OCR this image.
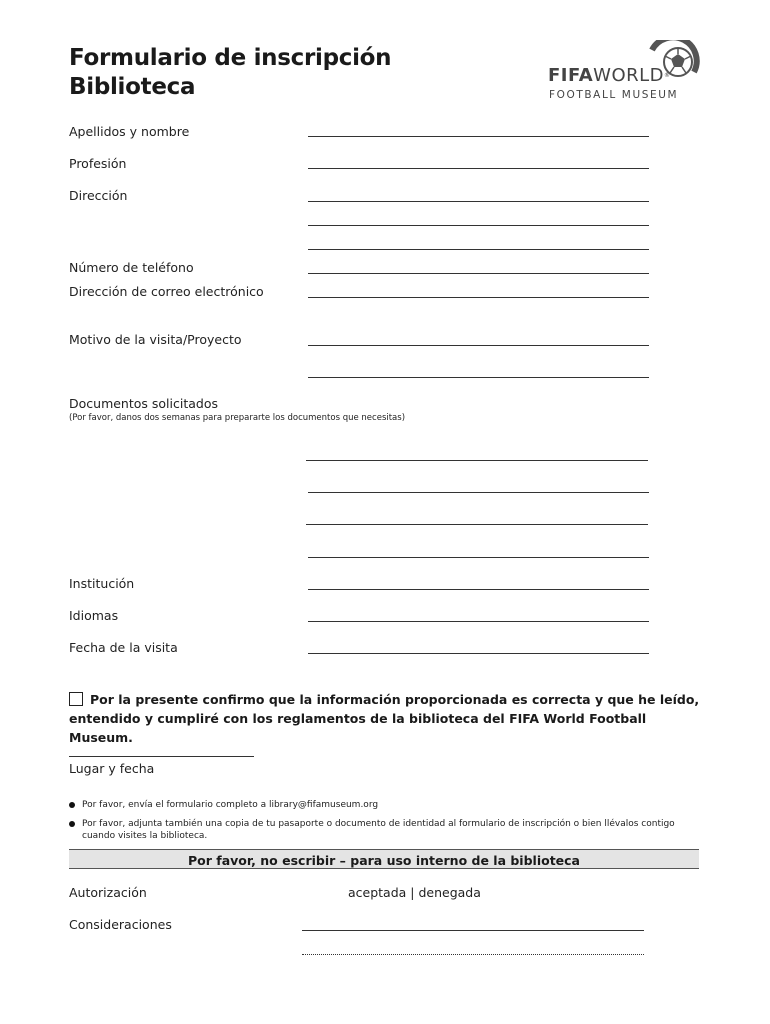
Formulario de inscripción
Biblioteca	FIFAWORLD®
FOOTBALL MUSEUM
Apellidos y nombre
Profesión
Dirección
Número de teléfono
Dirección de correo electrónico
Motivo de la visita/Proyecto
Documentos solicitados
(Por favor, danos dos semanas para prepararte los documentos que necesitas)
Institución
Idiomas
Fecha de la visita

Por la presente confirmo que la información proporcionada es correcta y que he leído, entendido y cumpliré con los reglamentos de la biblioteca del FIFA World Football Museum.

Lugar y fecha
Por favor, envía el formulario completo a library@fifamuseum.org
Por favor, adjunta también una copia de tu pasaporte o documento de identidad al formulario de inscripción o bien llévalos contigo cuando visites la biblioteca.
Por favor, no escribir – para uso interno de la biblioteca
Autorización	aceptada | denegada
Consideraciones
